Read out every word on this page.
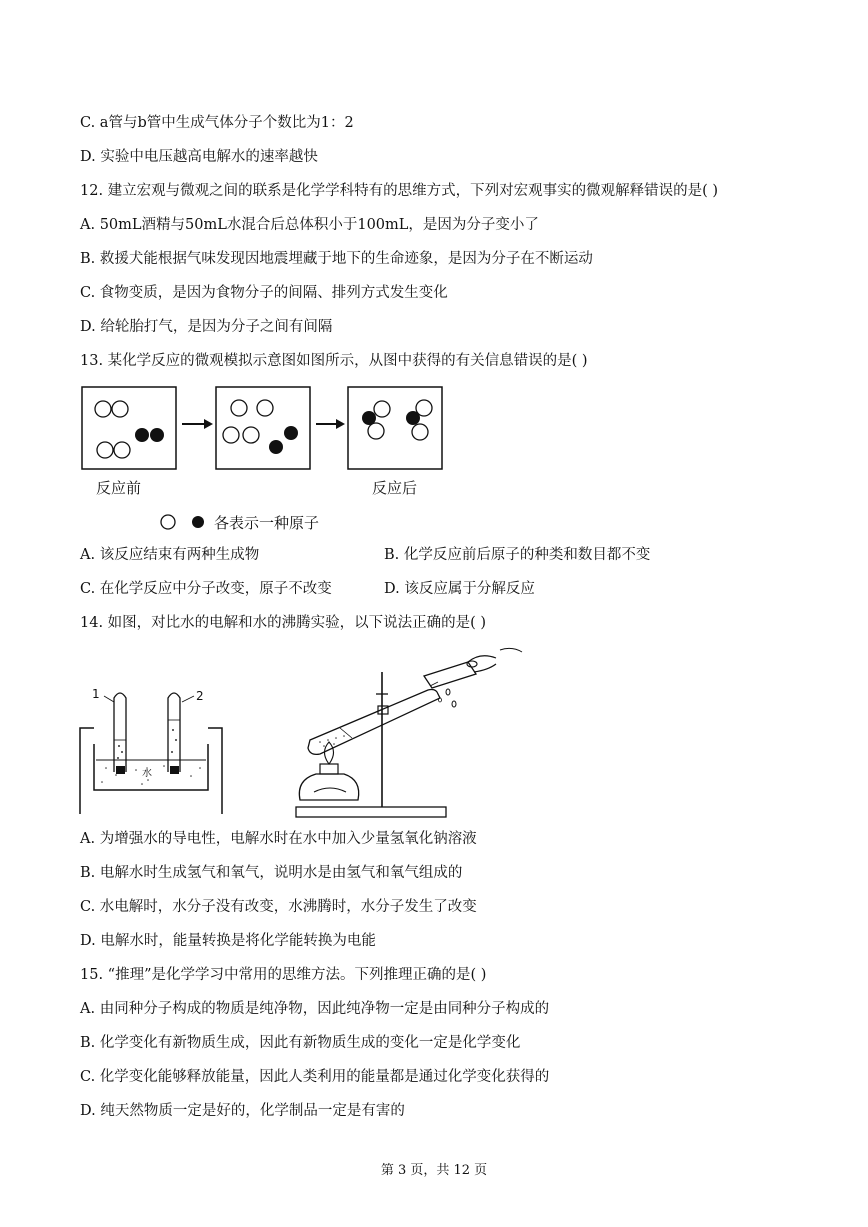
C. a管与b管中生成气体分子个数比为1：2
D. 实验中电压越高电解水的速率越快
12. 建立宏观与微观之间的联系是化学学科特有的思维方式，下列对宏观事实的微观解释错误的是( )
A. 50mL酒精与50mL水混合后总体积小于100mL，是因为分子变小了
B. 救援犬能根据气味发现因地震埋藏于地下的生命迹象，是因为分子在不断运动
C. 食物变质，是因为食物分子的间隔、排列方式发生变化
D. 给轮胎打气，是因为分子之间有间隔
13. 某化学反应的微观模拟示意图如图所示，从图中获得的有关信息错误的是( )
反应前	反应后
各表示一种原子
A. 该反应结束有两种生成物	B. 化学反应前后原子的种类和数目都不变
C. 在化学反应中分子改变，原子不改变	D. 该反应属于分解反应
14. 如图，对比水的电解和水的沸腾实验，以下说法正确的是( )
1	2
水
A. 为增强水的导电性，电解水时在水中加入少量氢氧化钠溶液
B. 电解水时生成氢气和氧气，说明水是由氢气和氧气组成的
C. 水电解时，水分子没有改变，水沸腾时，水分子发生了改变
D. 电解水时，能量转换是将化学能转换为电能
15. “推理”是化学学习中常用的思维方法。下列推理正确的是( )
A. 由同种分子构成的物质是纯净物，因此纯净物一定是由同种分子构成的
B. 化学变化有新物质生成，因此有新物质生成的变化一定是化学变化
C. 化学变化能够释放能量，因此人类利用的能量都是通过化学变化获得的
D. 纯天然物质一定是好的，化学制品一定是有害的
第 3 页，共 12 页
